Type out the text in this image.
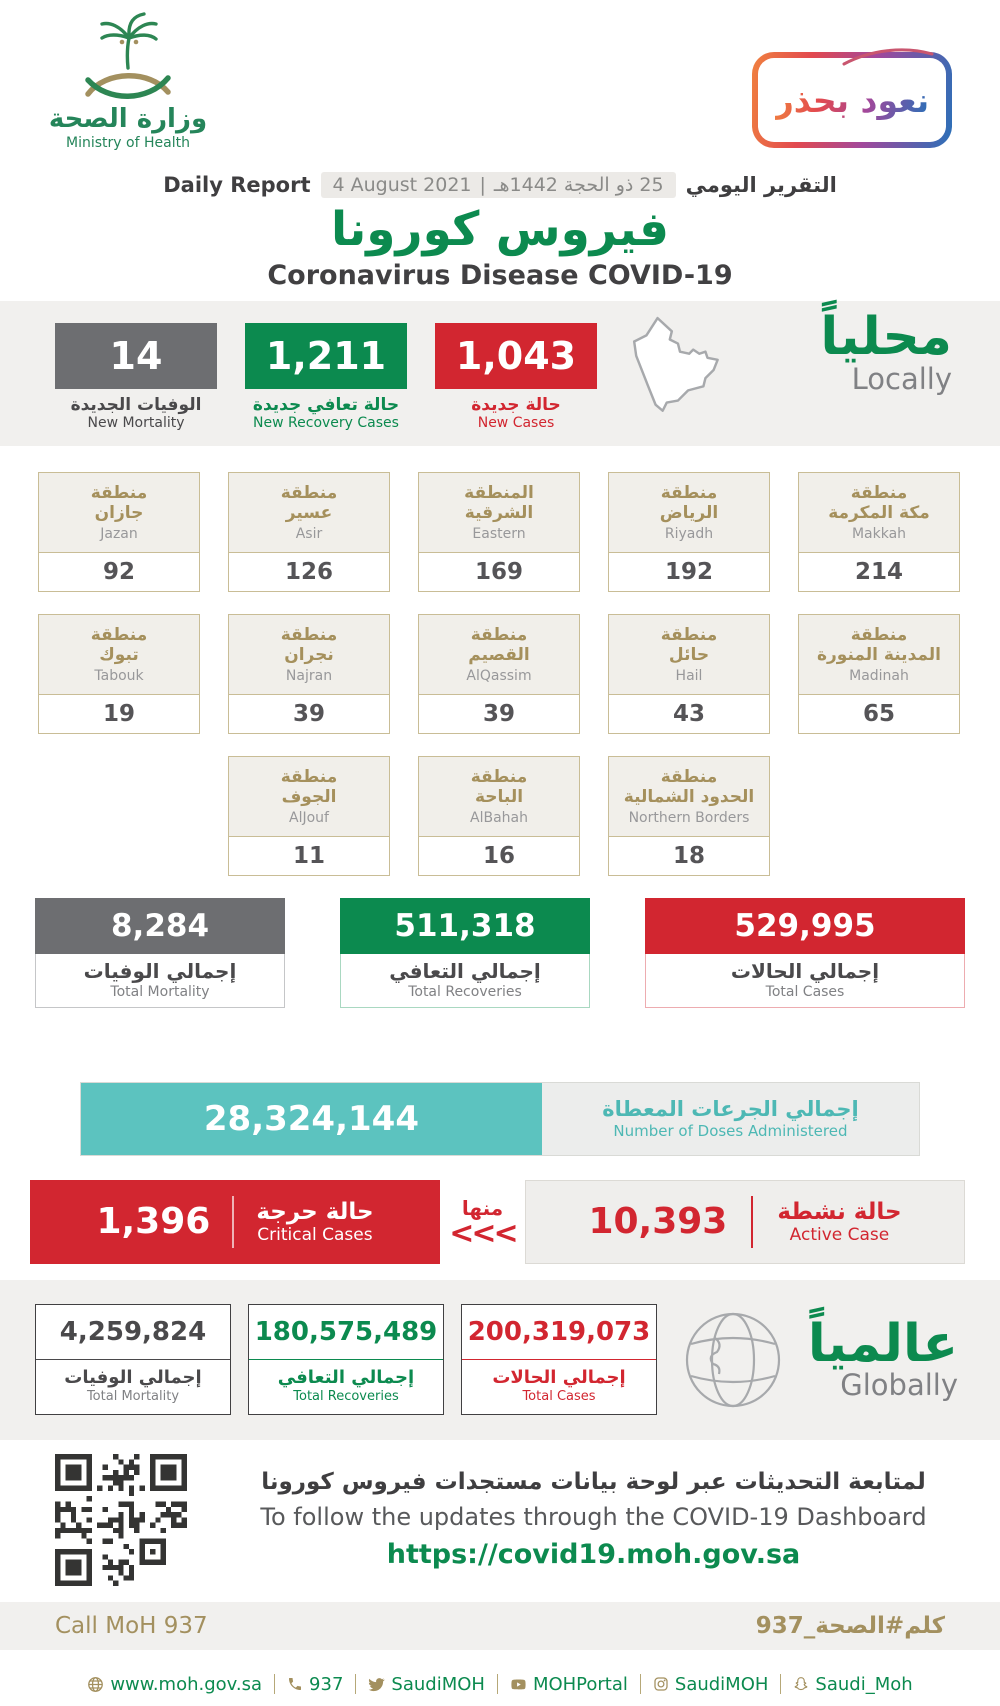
وزارة الصحة
Ministry of Health
نعود بحذر
Daily Report 4 August 2021 | 25 ذو الحجة 1442هـ التقرير اليومي
فيروس كورونا
Coronavirus Disease COVID-19
14
الوفيات الجديدة
New Mortality
1,211
حالة تعافي جديدة
New Recovery Cases
1,043
حالة جديدة
New Cases
محلياً
Locally
منطقة
جازان
Jazan
92
منطقة
عسير
Asir
126
المنطقة
الشرقية
Eastern
169
منطقة
الرياض
Riyadh
192
منطقة
مكة المكرمة
Makkah
214
منطقة
تبوك
Tabouk
19
منطقة
نجران
Najran
39
منطقة
القصيم
AlQassim
39
منطقة
حائل
Hail
43
منطقة
المدينة المنورة
Madinah
65
منطقة
الجوف
AlJouf
11
منطقة
الباحة
AlBahah
16
منطقة
الحدود الشمالية
Northern Borders
18
8,284
إجمالي الوفيات
Total Mortality
511,318
إجمالي التعافي
Total Recoveries
529,995
إجمالي الحالات
Total Cases
28,324,144	إجمالي الجرعات المعطاة
Number of Doses Administered
1,396 حالة حرجة
Critical Cases
منها
<<< 10,393 حالة نشطة
Active Case
4,259,824
إجمالي الوفيات
Total Mortality
180,575,489
إجمالي التعافي
Total Recoveries
200,319,073
إجمالي الحالات
Total Cases
عالمياً
Globally
لمتابعة التحديثات عبر لوحة بيانات مستجدات فيروس كورونا
To follow the updates through the COVID-19 Dashboard
https://covid19.moh.gov.sa
Call MoH 937	كلم#الصحة_937
www.moh.gov.sa	937	SaudiMOH	MOHPortal	SaudiMOH	Saudi_Moh
